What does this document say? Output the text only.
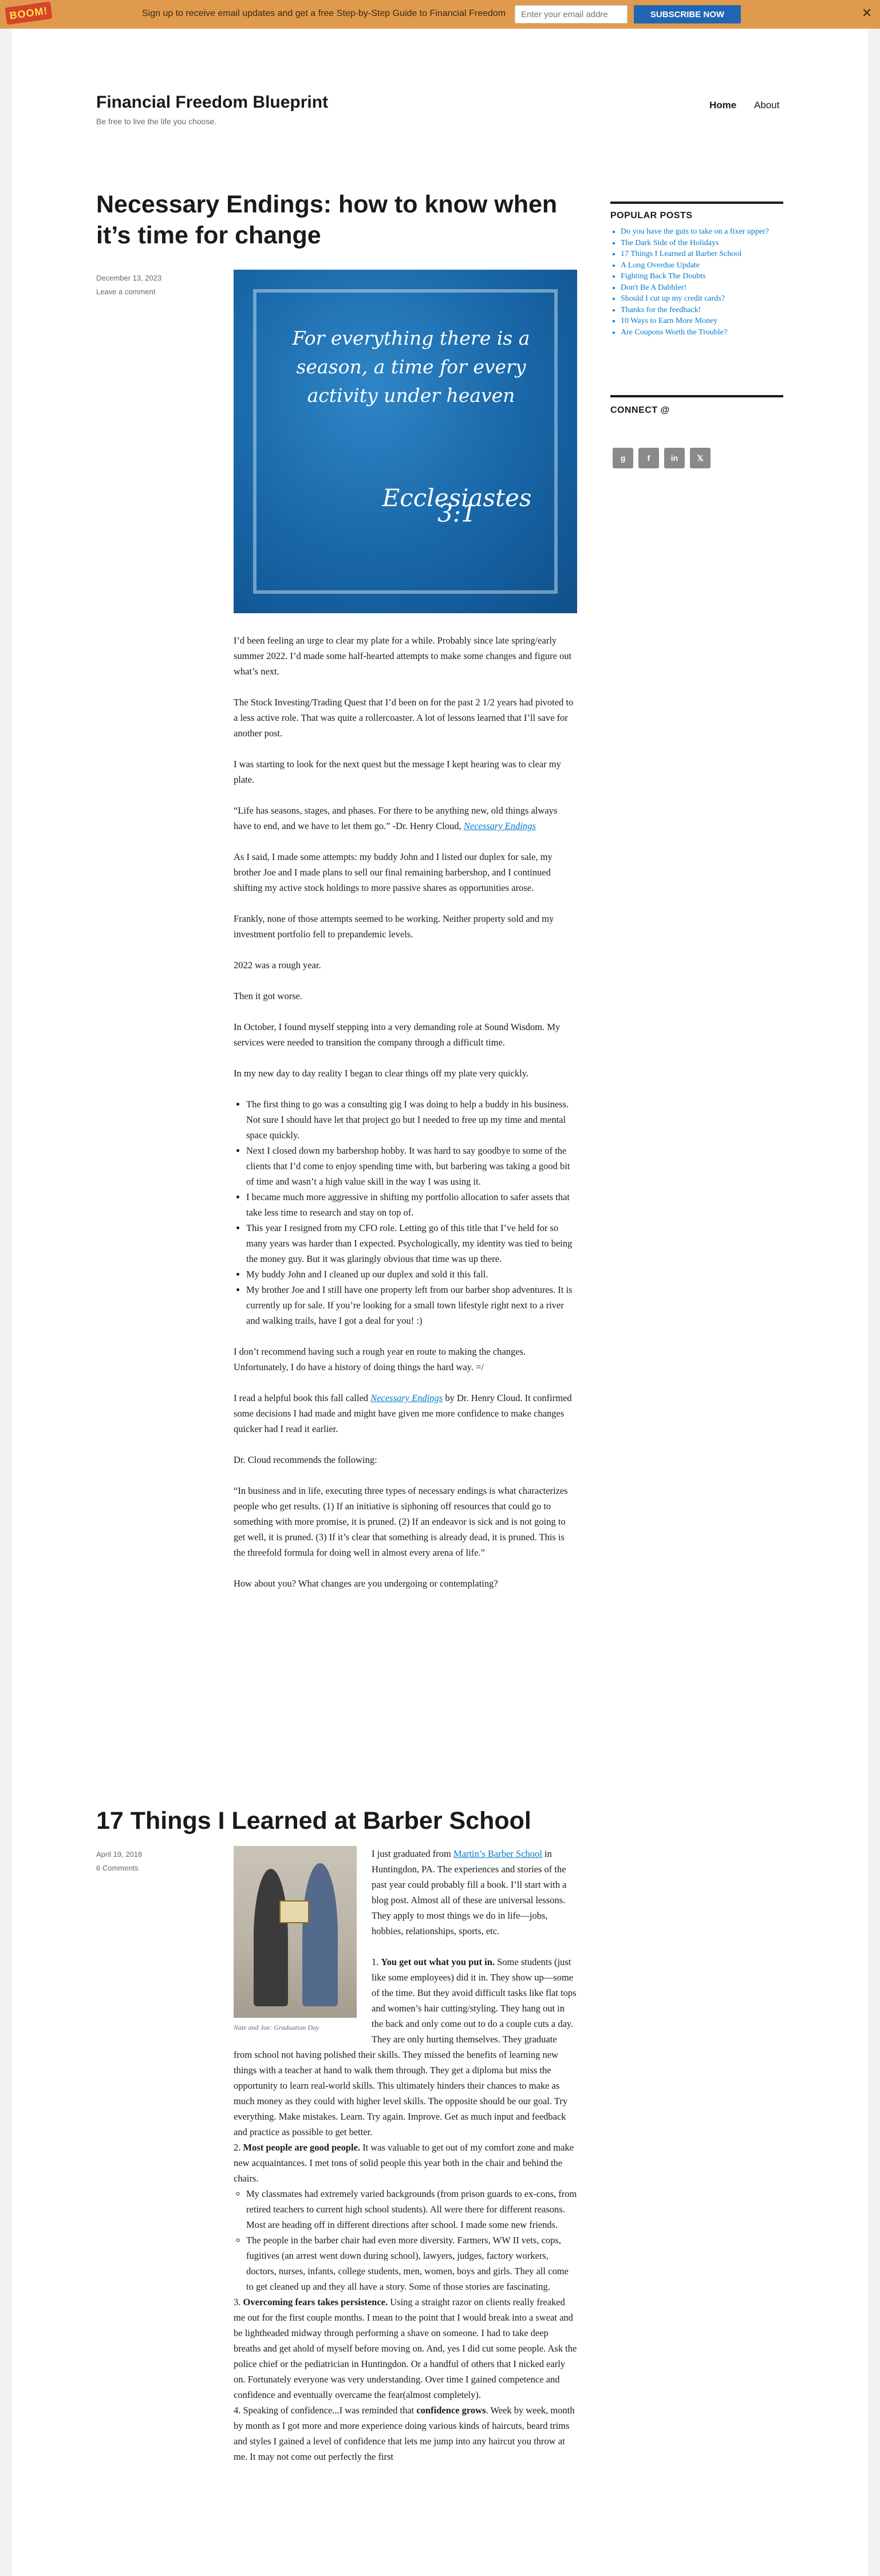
BOOM!	Sign up to receive email updates and get a free Step-by-Step Guide to Financial Freedom
Enter your email addre	SUBSCRIBE NOW	✕
Financial Freedom Blueprint
Be free to live the life you choose.
Home About
Necessary Endings: how to know when it’s time for change
December 13, 2023
Leave a comment
For everything there is a season, a time for every activity under heaven
Ecclesiastes 3:1

I’d been feeling an urge to clear my plate for a while. Probably since late spring/early summer 2022. I’d made some half-hearted attempts to make some changes and figure out what’s next.

The Stock Investing/Trading Quest that I’d been on for the past 2 1/2 years had pivoted to a less active role. That was quite a rollercoaster. A lot of lessons learned that I’ll save for another post.

I was starting to look for the next quest but the message I kept hearing was to clear my plate.

“Life has seasons, stages, and phases. For there to be anything new, old things always have to end, and we have to let them go.” -Dr. Henry Cloud, Necessary Endings

As I said, I made some attempts: my buddy John and I listed our duplex for sale, my brother Joe and I made plans to sell our final remaining barbershop, and I continued shifting my active stock holdings to more passive shares as opportunities arose.

Frankly, none of those attempts seemed to be working. Neither property sold and my investment portfolio fell to prepandemic levels.

2022 was a rough year.

Then it got worse.

In October, I found myself stepping into a very demanding role at Sound Wisdom. My services were needed to transition the company through a difficult time.

In my new day to day reality I began to clear things off my plate very quickly.

• The first thing to go was a consulting gig I was doing to help a buddy in his business. Not sure I should have let that project go but I needed to free up my time and mental space quickly.
• Next I closed down my barbershop hobby. It was hard to say goodbye to some of the clients that I’d come to enjoy spending time with, but barbering was taking a good bit of time and wasn’t a high value skill in the way I was using it.
• I became much more aggressive in shifting my portfolio allocation to safer assets that take less time to research and stay on top of.
• This year I resigned from my CFO role. Letting go of this title that I’ve held for so many years was harder than I expected. Psychologically, my identity was tied to being the money guy. But it was glaringly obvious that time was up there.
• My buddy John and I cleaned up our duplex and sold it this fall.
• My brother Joe and I still have one property left from our barber shop adventures. It is currently up for sale. If you’re looking for a small town lifestyle right next to a river and walking trails, have I got a deal for you! :)

I don’t recommend having such a rough year en route to making the changes. Unfortunately, I do have a history of doing things the hard way. =/

I read a helpful book this fall called Necessary Endings by Dr. Henry Cloud. It confirmed some decisions I had made and might have given me more confidence to make changes quicker had I read it earlier.

Dr. Cloud recommends the following:

“In business and in life, executing three types of necessary endings is what characterizes people who get results. (1) If an initiative is siphoning off resources that could go to something with more promise, it is pruned. (2) If an endeavor is sick and is not going to get well, it is pruned. (3) If it’s clear that something is already dead, it is pruned. This is the threefold formula for doing well in almost every arena of life.”

How about you? What changes are you undergoing or contemplating?

17 Things I Learned at Barber School
April 19, 2018
6 Comments
Nate and Joe: Graduation Day

I just graduated from Martin’s Barber School in Huntingdon, PA. The experiences and stories of the past year could probably fill a book. I’ll start with a blog post. Almost all of these are universal lessons. They apply to most things we do in life—jobs, hobbies, relationships, sports, etc.

1. You get out what you put in. Some students (just like some employees) did it in. They show up—some of the time. But they avoid difficult tasks like flat tops and women’s hair cutting/styling. They hang out in the back and only come out to do a couple cuts a day. They are only hurting themselves. They graduate from school not having polished their skills. They missed the benefits of learning new things with a teacher at hand to walk them through. They get a diploma but miss the opportunity to learn real-world skills. This ultimately hinders their chances to make as much money as they could with higher level skills. The opposite should be our goal. Try everything. Make mistakes. Learn. Try again. Improve. Get as much input and feedback and practice as possible to get better.
2. Most people are good people. It was valuable to get out of my comfort zone and make new acquaintances. I met tons of solid people this year both in the chair and behind the chairs.
◦ My classmates had extremely varied backgrounds (from prison guards to ex-cons, from retired teachers to current high school students). All were there for different reasons. Most are heading off in different directions after school. I made some new friends.
◦ The people in the barber chair had even more diversity. Farmers, WW II vets, cops, fugitives (an arrest went down during school), lawyers, judges, factory workers, doctors, nurses, infants, college students, men, women, boys and girls. They all come to get cleaned up and they all have a story. Some of those stories are fascinating.
3. Overcoming fears takes persistence. Using a straight razor on clients really freaked me out for the first couple months. I mean to the point that I would break into a sweat and be lightheaded midway through performing a shave on someone. I had to take deep breaths and get ahold of myself before moving on. And, yes I did cut some people. Ask the police chief or the pediatrician in Huntingdon. Or a handful of others that I nicked early on. Fortunately everyone was very understanding. Over time I gained competence and confidence and eventually overcame the fear(almost completely).
4. Speaking of confidence...I was reminded that confidence grows. Week by week, month by month as I got more and more experience doing various kinds of haircuts, beard trims and styles I gained a level of confidence that lets me jump into any haircut you throw at me. It may not come out perfectly the first
POPULAR POSTS
• Do you have the guts to take on a fixer upper?
• The Dark Side of the Holidays
• 17 Things I Learned at Barber School
• A Long Overdue Update
• Fighting Back The Doubts
• Don't Be A Dabbler!
• Should I cut up my credit cards?
• Thanks for the feedback!
• 10 Ways to Earn More Money
• Are Coupons Worth the Trouble?
CONNECT @
g	f	in	𝕏
